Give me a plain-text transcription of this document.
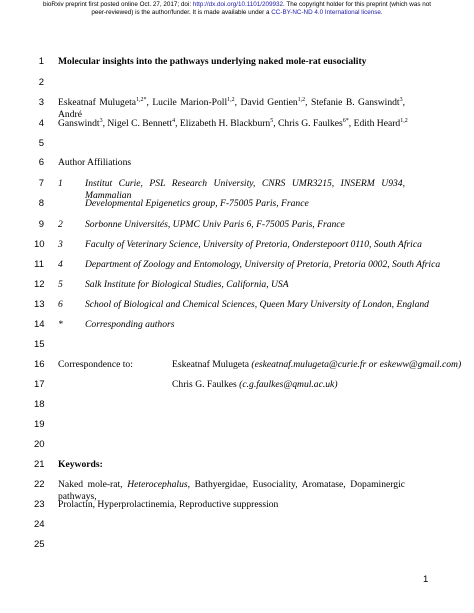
bioRxiv preprint first posted online Oct. 27, 2017; doi: http://dx.doi.org/10.1101/209932. The copyright holder for this preprint (which was not
peer-reviewed) is the author/funder. It is made available under a CC-BY-NC-ND 4.0 International license.
1
2
3
4
5
6
7
8
9
10
11
12
13
14
15
16
17
18
19
20
21
22
23
24
25
Molecular insights into the pathways underlying naked mole-rat eusociality
Eskeatnaf Mulugeta$^{1,2*}$, Lucile Marion-Poll$^{1,2}$, David Gentien$^{1,2}$, Stefanie B. Ganswindt$^3$, André
Ganswindt$^3$, Nigel C. Bennett$^4$, Elizabeth H. Blackburn$^5$, Chris G. Faulkes$^{6*}$, Edith Heard$^{1,2}$
Author Affiliations
1 Institut Curie, PSL Research University, CNRS UMR3215, INSERM U934, Mammalian
Developmental Epigenetics group, F-75005 Paris, France
2 Sorbonne Universités, UPMC Univ Paris 6, F-75005 Paris, France
3 Faculty of Veterinary Science, University of Pretoria, Onderstepoort 0110, South Africa
4 Department of Zoology and Entomology, University of Pretoria, Pretoria 0002, South Africa
5 Salk Institute for Biological Studies, California, USA
6 School of Biological and Chemical Sciences, Queen Mary University of London, England
* Corresponding authors
Correspondence to:	Eskeatnaf Mulugeta (eskeatnaf.mulugeta@curie.fr or eskeww@gmail.com)
Chris G. Faulkes (c.g.faulkes@qmul.ac.uk)
Keywords:
Naked mole-rat, Heterocephalus, Bathyergidae, Eusociality, Aromatase, Dopaminergic pathways,
Prolactin, Hyperprolactinemia, Reproductive suppression
1
